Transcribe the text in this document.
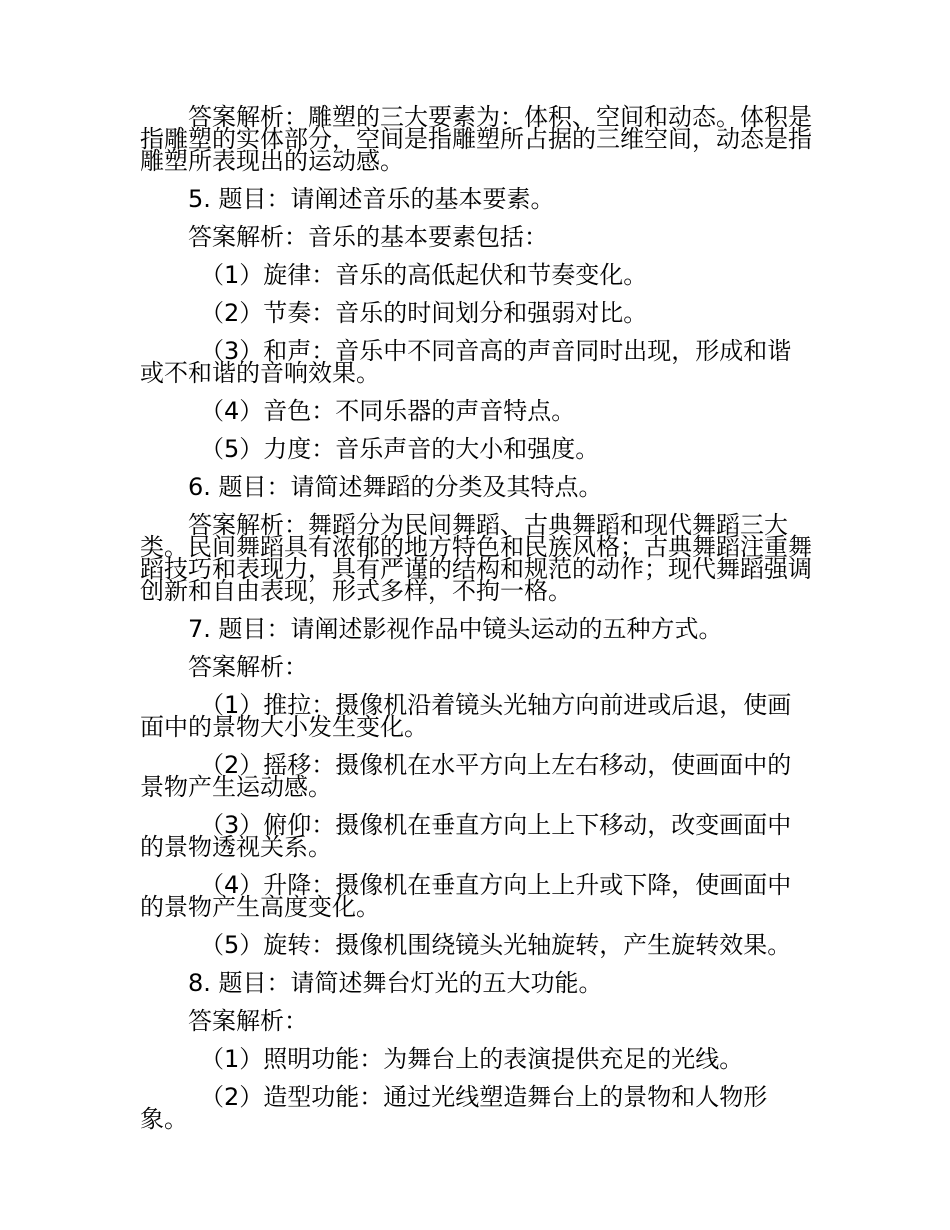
答案解析：雕塑的三大要素为：体积、空间和动态。体积是指雕塑的实体部分，空间是指雕塑所占据的三维空间，动态是指雕塑所表现出的运动感。

5. 题目：请阐述音乐的基本要素。

答案解析：音乐的基本要素包括：

（1）旋律：音乐的高低起伏和节奏变化。

（2）节奏：音乐的时间划分和强弱对比。

（3）和声：音乐中不同音高的声音同时出现，形成和谐或不和谐的音响效果。

（4）音色：不同乐器的声音特点。

（5）力度：音乐声音的大小和强度。

6. 题目：请简述舞蹈的分类及其特点。

答案解析：舞蹈分为民间舞蹈、古典舞蹈和现代舞蹈三大类。民间舞蹈具有浓郁的地方特色和民族风格；古典舞蹈注重舞蹈技巧和表现力，具有严谨的结构和规范的动作；现代舞蹈强调创新和自由表现，形式多样，不拘一格。

7. 题目：请阐述影视作品中镜头运动的五种方式。

答案解析：

（1）推拉：摄像机沿着镜头光轴方向前进或后退，使画面中的景物大小发生变化。

（2）摇移：摄像机在水平方向上左右移动，使画面中的景物产生运动感。

（3）俯仰：摄像机在垂直方向上上下移动，改变画面中的景物透视关系。

（4）升降：摄像机在垂直方向上上升或下降，使画面中的景物产生高度变化。

（5）旋转：摄像机围绕镜头光轴旋转，产生旋转效果。

8. 题目：请简述舞台灯光的五大功能。

答案解析：

（1）照明功能：为舞台上的表演提供充足的光线。

（2）造型功能：通过光线塑造舞台上的景物和人物形象。
